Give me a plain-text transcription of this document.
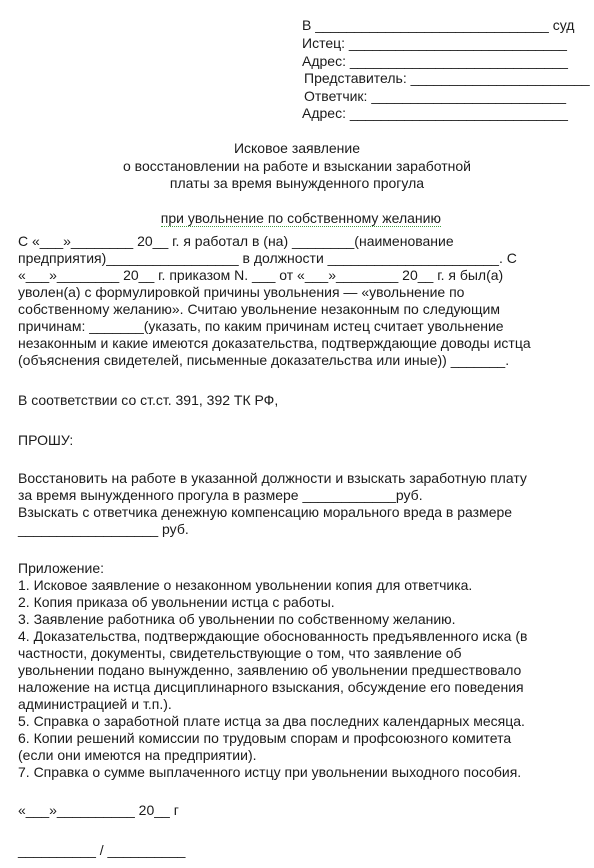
В ______________________________ суд
Истец: ____________________________
Адрес: ____________________________
Представитель: _______________________
Ответчик: _________________________
Адрес: ____________________________
Исковое заявление
о восстановлении на работе и взыскании заработной
платы за время вынужденного прогула

при увольнение по собственному желанию

С «___»________ 20__ г. я работал в (на) ________(наименование
предприятия)_________________ в должности ______________________. С
«___»________ 20__ г. приказом N. ___ от «___»________ 20__ г. я был(а)
уволен(а) с формулировкой причины увольнения — «увольнение по
собственному желанию». Считаю увольнение незаконным по следующим
причинам: _______(указать, по каким причинам истец считает увольнение
незаконным и какие имеются доказательства, подтверждающие доводы истца
(объяснения свидетелей, письменные доказательства или иные)) _______.
В соответствии со ст.ст. 391, 392 ТК РФ,
ПРОШУ:
Восстановить на работе в указанной должности и взыскать заработную плату
за время вынужденного прогула в размере ____________руб.
Взыскать с ответчика денежную компенсацию морального вреда в размере
__________________ руб.
Приложение:
1. Исковое заявление о незаконном увольнении копия для ответчика.
2. Копия приказа об увольнении истца с работы.
3. Заявление работника об увольнении по собственному желанию.
4. Доказательства, подтверждающие обоснованность предъявленного иска (в
частности, документы, свидетельствующие о том, что заявление об
увольнении подано вынужденно, заявлению об увольнении предшествовало
наложение на истца дисциплинарного взыскания, обсуждение его поведения
администрацией и т.п.).
5. Справка о заработной плате истца за два последних календарных месяца.
6. Копии решений комиссии по трудовым спорам и профсоюзного комитета
(если они имеются на предприятии).
7. Справка о сумме выплаченного истцу при увольнении выходного пособия.
«___»__________ 20__ г
__________ / __________
